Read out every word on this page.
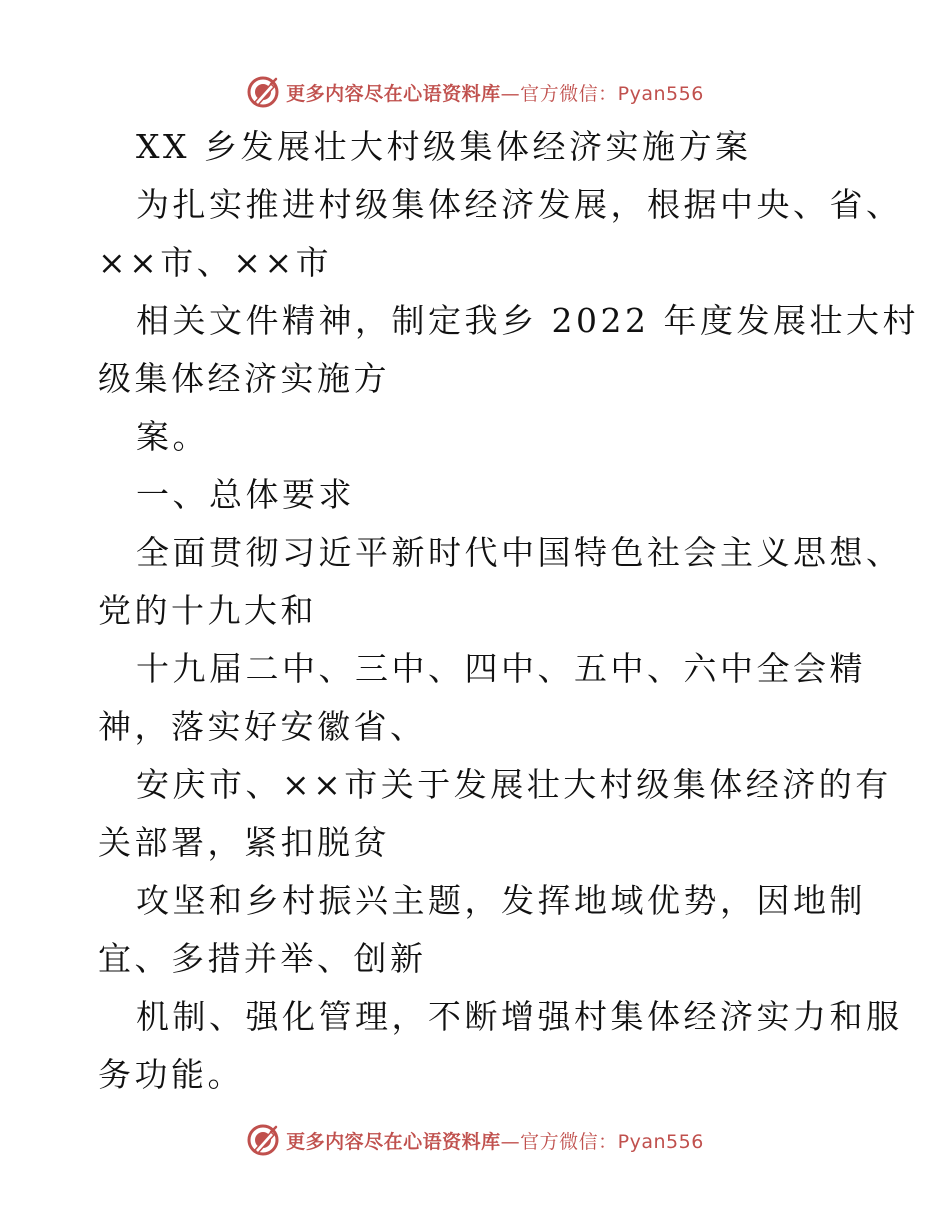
更多内容尽在心语资料库—官方微信：Pyan556
XX 乡发展壮大村级集体经济实施方案
为扎实推进村级集体经济发展，根据中央、省、
××市、××市
相关文件精神，制定我乡 2022 年度发展壮大村
级集体经济实施方
案。
一、总体要求
全面贯彻习近平新时代中国特色社会主义思想、
党的十九大和
十九届二中、三中、四中、五中、六中全会精
神，落实好安徽省、
安庆市、××市关于发展壮大村级集体经济的有
关部署，紧扣脱贫
攻坚和乡村振兴主题，发挥地域优势，因地制
宜、多措并举、创新
机制、强化管理，不断增强村集体经济实力和服
务功能。
更多内容尽在心语资料库—官方微信：Pyan556
